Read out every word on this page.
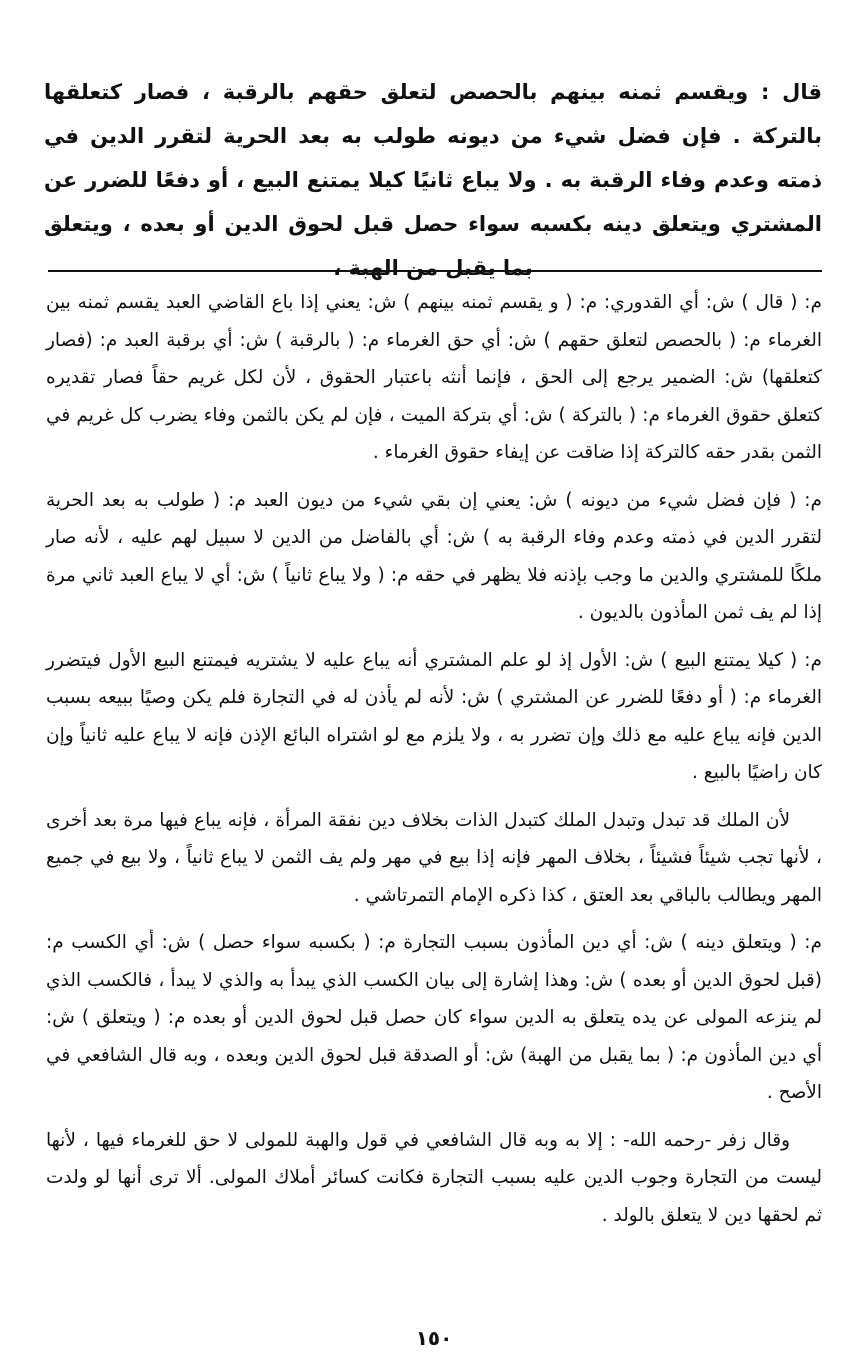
قال : ويقسم ثمنه بينهم بالحصص لتعلق حقهم بالرقبة ، فصار كتعلقها بالتركة . فإن فضل شيء من ديونه طولب به بعد الحرية لتقرر الدين في ذمته وعدم وفاء الرقبة به . ولا يباع ثانيًا كيلا يمتنع البيع ، أو دفعًا للضرر عن المشتري ويتعلق دينه بكسبه سواء حصل قبل لحوق الدين أو بعده ، ويتعلق بما يقبل من الهبة ،

م: ( قال ) ش: أي القدوري: م: ( و يقسم ثمنه بينهم ) ش: يعني إذا باع القاضي العبد يقسم ثمنه بين الغرماء م: ( بالحصص لتعلق حقهم ) ش: أي حق الغرماء م: ( بالرقبة ) ش: أي برقبة العبد م: (فصار كتعلقها) ش: الضمير يرجع إلى الحق ، فإنما أنثه باعتبار الحقوق ، لأن لكل غريم حقاً فصار تقديره كتعلق حقوق الغرماء م: ( بالتركة ) ش: أي بتركة الميت ، فإن لم يكن بالثمن وفاء يضرب كل غريم في الثمن بقدر حقه كالتركة إذا ضاقت عن إيفاء حقوق الغرماء .

م: ( فإن فضل شيء من ديونه ) ش: يعني إن بقي شيء من ديون العبد م: ( طولب به بعد الحرية لتقرر الدين في ذمته وعدم وفاء الرقبة به ) ش: أي بالفاضل من الدين لا سبيل لهم عليه ، لأنه صار ملكًا للمشتري والدين ما وجب بإذنه فلا يظهر في حقه م: ( ولا يباع ثانياً ) ش: أي لا يباع العبد ثاني مرة إذا لم يف ثمن المأذون بالديون .

م: ( كيلا يمتنع البيع ) ش: الأول إذ لو علم المشتري أنه يباع عليه لا يشتريه فيمتنع البيع الأول فيتضرر الغرماء م: ( أو دفعًا للضرر عن المشتري ) ش: لأنه لم يأذن له في التجارة فلم يكن وصيًا ببيعه بسبب الدين فإنه يباع عليه مع ذلك وإن تضرر به ، ولا يلزم مع لو اشتراه البائع الإذن فإنه لا يباع عليه ثانياً وإن كان راضيًا بالبيع .

لأن الملك قد تبدل وتبدل الملك كتبدل الذات بخلاف دين نفقة المرأة ، فإنه يباع فيها مرة بعد أخرى ، لأنها تجب شيئاً فشيئاً ، بخلاف المهر فإنه إذا بيع في مهر ولم يف الثمن لا يباع ثانياً ، ولا بيع في جميع المهر ويطالب بالباقي بعد العتق ، كذا ذكره الإمام التمرتاشي .

م: ( ويتعلق دينه ) ش: أي دين المأذون بسبب التجارة م: ( بكسبه سواء حصل ) ش: أي الكسب م: (قبل لحوق الدين أو بعده ) ش: وهذا إشارة إلى بيان الكسب الذي يبدأ به والذي لا يبدأ ، فالكسب الذي لم ينزعه المولى عن يده يتعلق به الدين سواء كان حصل قبل لحوق الدين أو بعده م: ( ويتعلق ) ش: أي دين المأذون م: ( بما يقبل من الهبة) ش: أو الصدقة قبل لحوق الدين وبعده ، وبه قال الشافعي في الأصح .

وقال زفر -رحمه الله- : إلا به وبه قال الشافعي في قول والهبة للمولى لا حق للغرماء فيها ، لأنها ليست من التجارة وجوب الدين عليه بسبب التجارة فكانت كسائر أملاك المولى. ألا ترى أنها لو ولدت ثم لحقها دين لا يتعلق بالولد .

١٥٠
